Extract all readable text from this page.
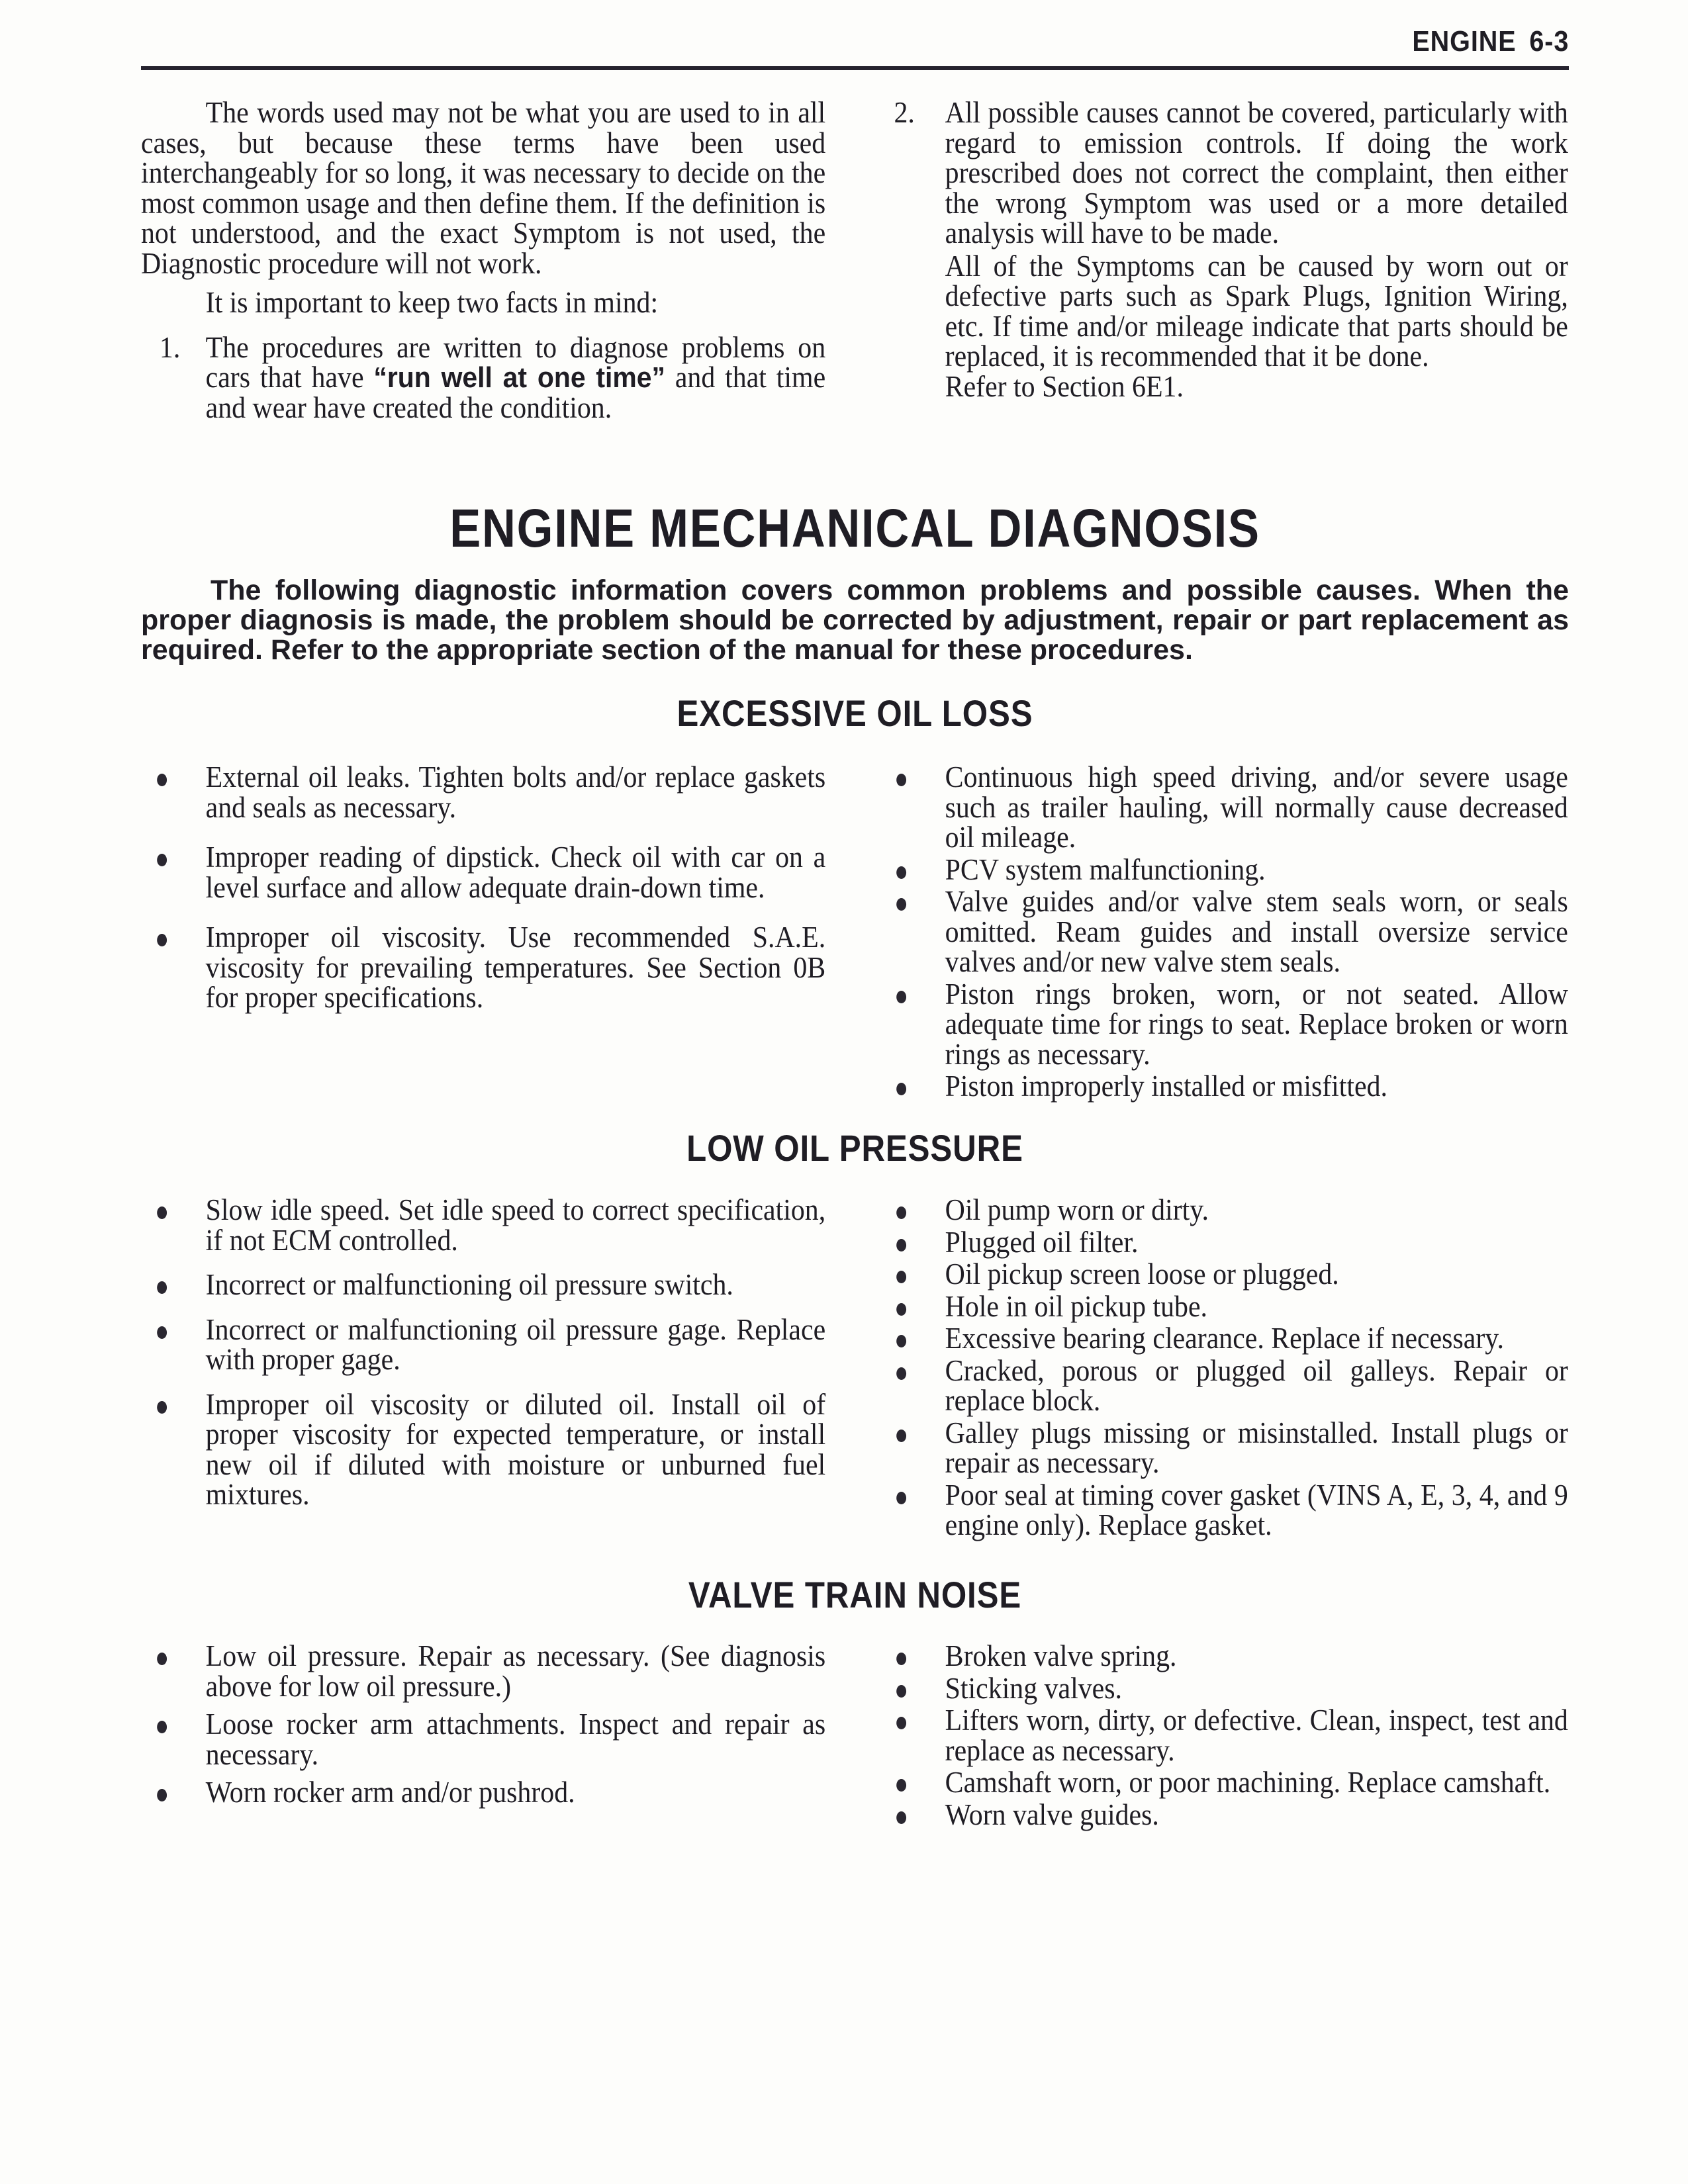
ENGINE 6-3

The words used may not be what you are used to in all cases, but because these terms have been used interchangeably for so long, it was necessary to decide on the most common usage and then define them. If the definition is not understood, and the exact Symptom is not used, the Diagnostic procedure will not work.

It is important to keep two facts in mind:

1. The procedures are written to diagnose problems on cars that have “run well at one time” and that time and wear have created the condition.
2. All possible causes cannot be covered, particularly with regard to emission controls. If doing the work prescribed does not correct the complaint, then either the wrong Symptom was used or a more detailed analysis will have to be made.
All of the Symptoms can be caused by worn out or defective parts such as Spark Plugs, Ignition Wiring, etc. If time and/or mileage indicate that parts should be replaced, it is recommended that it be done.
Refer to Section 6E1.
ENGINE MECHANICAL DIAGNOSIS
The following diagnostic information covers common problems and possible causes. When the proper diagnosis is made, the problem should be corrected by adjustment, repair or part replacement as required. Refer to the appropriate section of the manual for these procedures.
EXCESSIVE OIL LOSS
External oil leaks. Tighten bolts and/or replace gaskets and seals as necessary.
Improper reading of dipstick. Check oil with car on a level surface and allow adequate drain-down time.
Improper oil viscosity. Use recommended S.A.E. viscosity for prevailing temperatures. See Section 0B for proper specifications.
Continuous high speed driving, and/or severe usage such as trailer hauling, will normally cause decreased oil mileage.
PCV system malfunctioning.
Valve guides and/or valve stem seals worn, or seals omitted. Ream guides and install oversize service valves and/or new valve stem seals.
Piston rings broken, worn, or not seated. Allow adequate time for rings to seat. Replace broken or worn rings as necessary.
Piston improperly installed or misfitted.
LOW OIL PRESSURE
Slow idle speed. Set idle speed to correct specification, if not ECM controlled.
Incorrect or malfunctioning oil pressure switch.
Incorrect or malfunctioning oil pressure gage. Replace with proper gage.
Improper oil viscosity or diluted oil. Install oil of proper viscosity for expected temperature, or install new oil if diluted with moisture or unburned fuel mixtures.
Oil pump worn or dirty.
Plugged oil filter.
Oil pickup screen loose or plugged.
Hole in oil pickup tube.
Excessive bearing clearance. Replace if necessary.
Cracked, porous or plugged oil galleys. Repair or replace block.
Galley plugs missing or misinstalled. Install plugs or repair as necessary.
Poor seal at timing cover gasket (VINS A, E, 3, 4, and 9 engine only). Replace gasket.
VALVE TRAIN NOISE
Low oil pressure. Repair as necessary. (See diagnosis above for low oil pressure.)
Loose rocker arm attachments. Inspect and repair as necessary.
Worn rocker arm and/or pushrod.
Broken valve spring.
Sticking valves.
Lifters worn, dirty, or defective. Clean, inspect, test and replace as necessary.
Camshaft worn, or poor machining. Replace camshaft.
Worn valve guides.
